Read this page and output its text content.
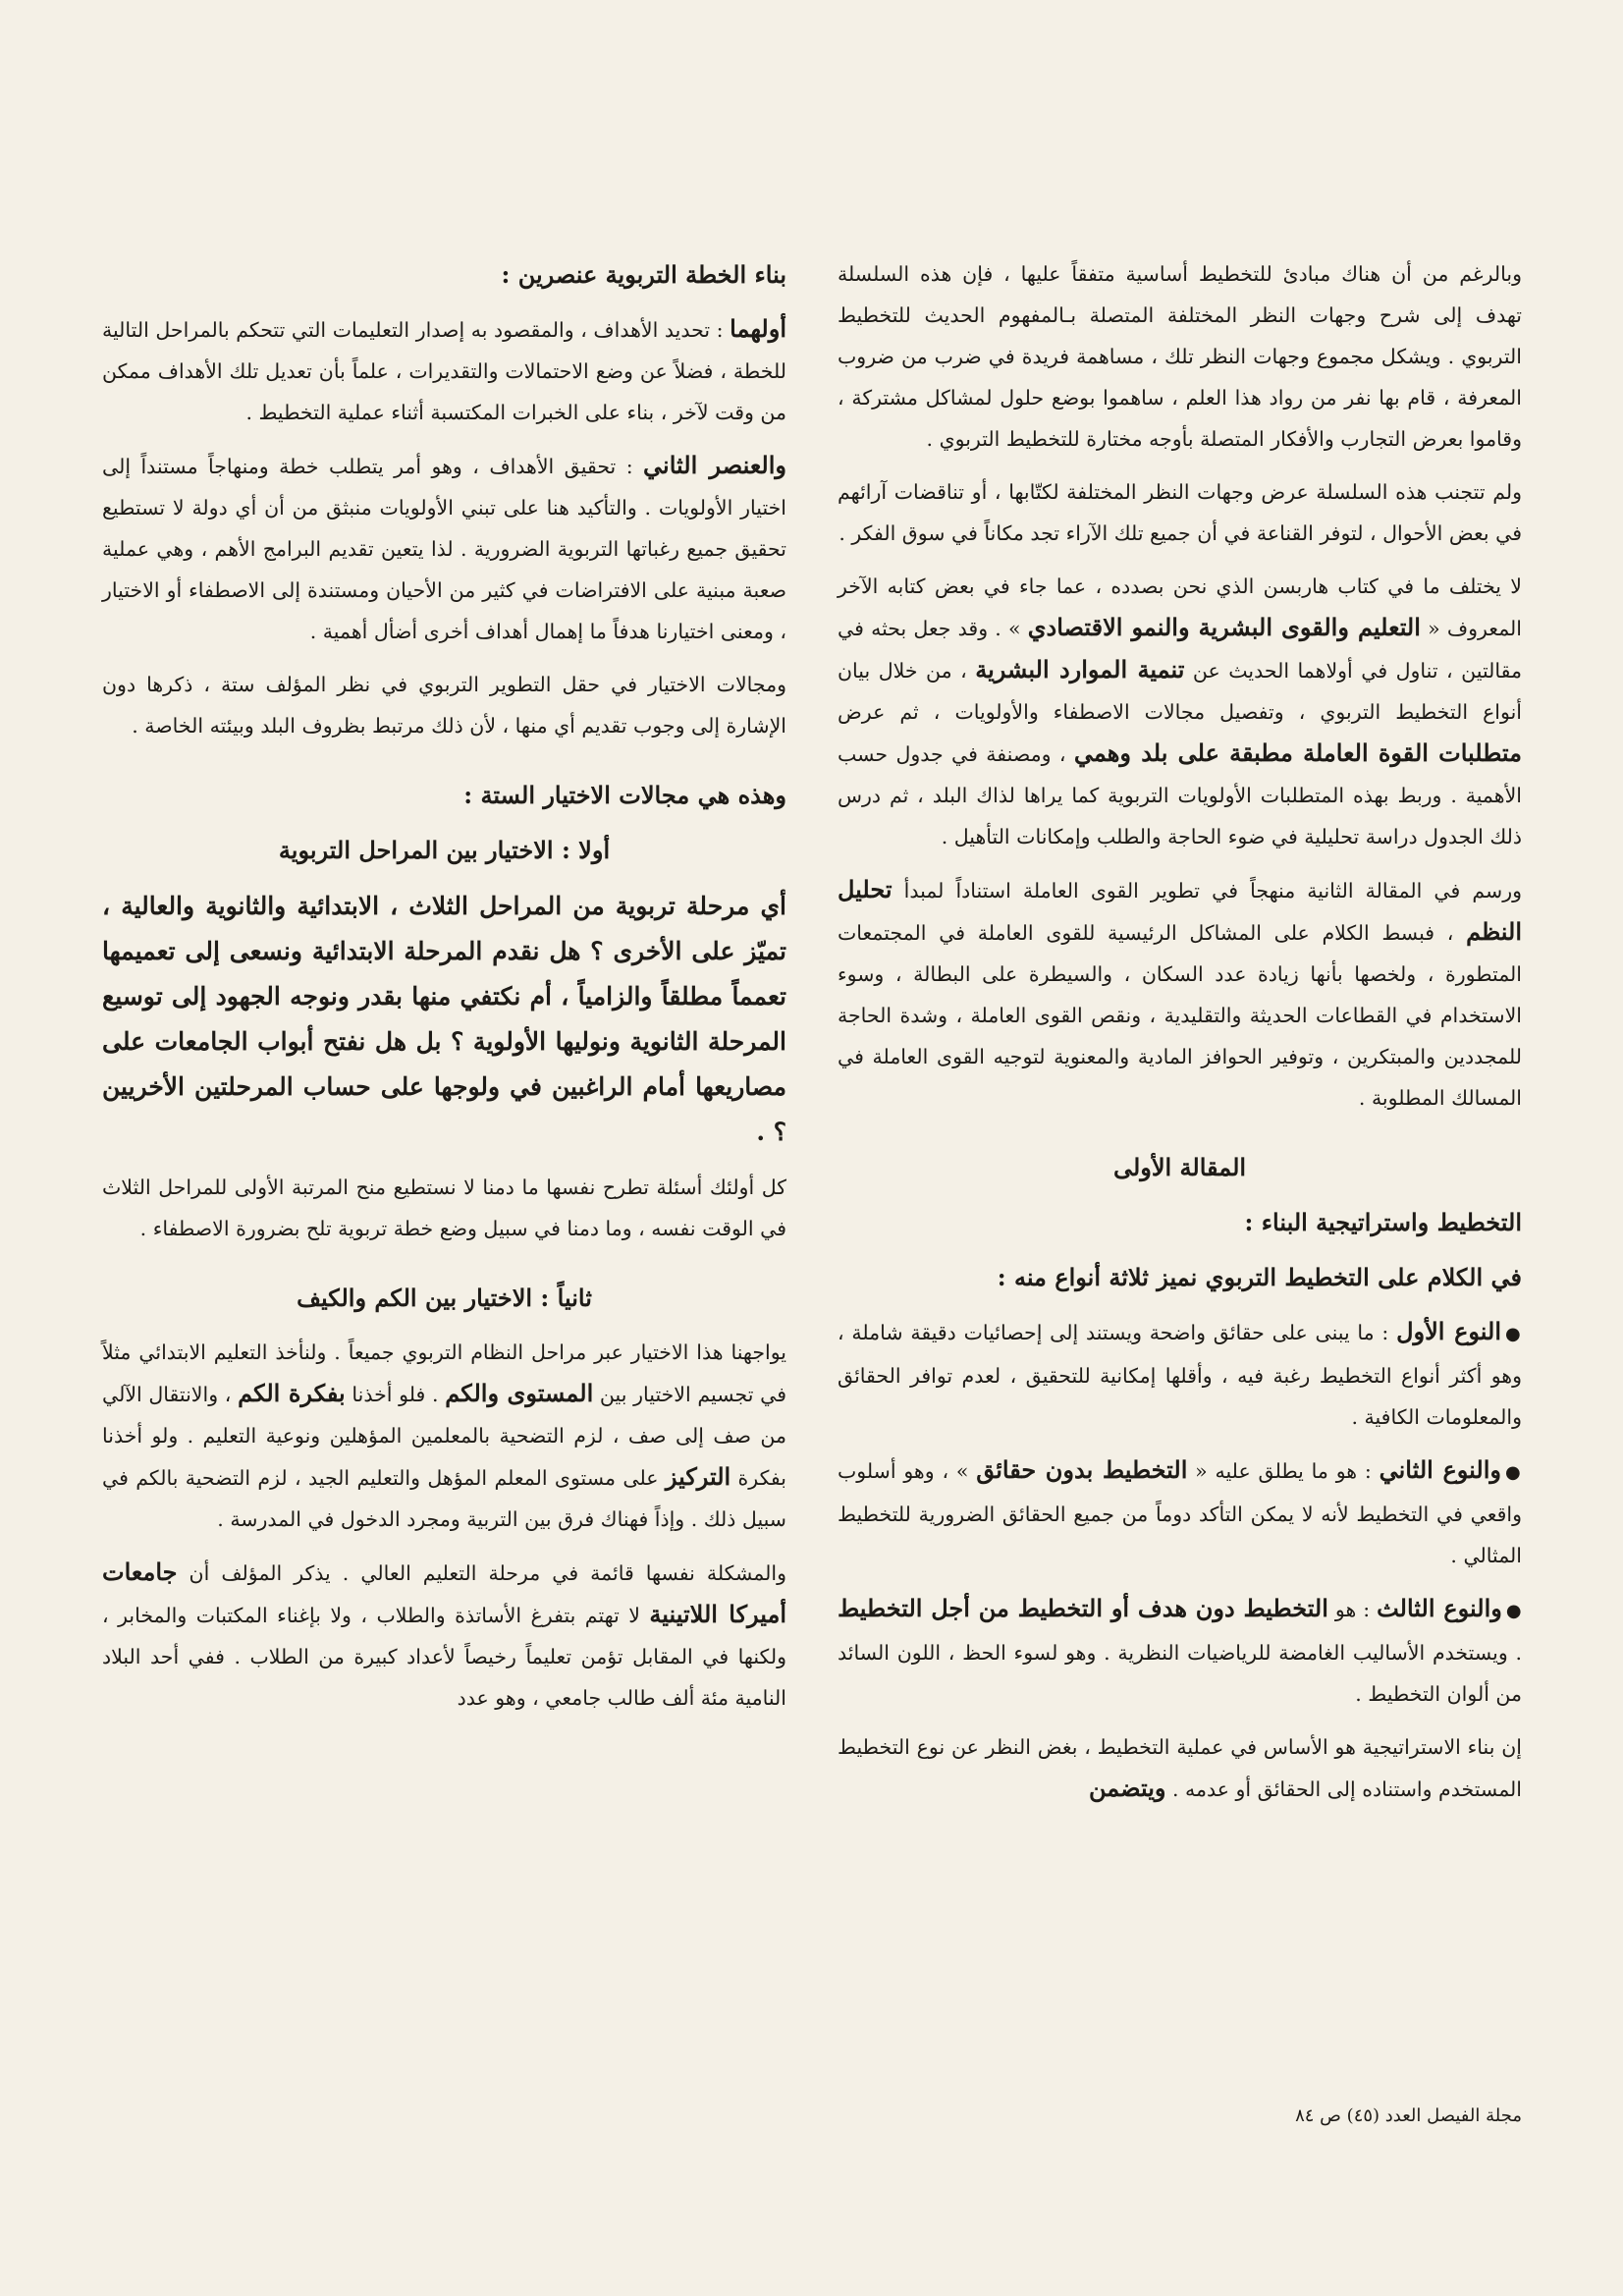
وبالرغم من أن هناك مبادئ للتخطيط أساسية متفقاً عليها ، فإن هذه السلسلة تهدف إلى شرح وجهات النظر المختلفة المتصلة بـالمفهوم الحديث للتخطيط التربوي . ويشكل مجموع وجهات النظر تلك ، مساهمة فريدة في ضرب من ضروب المعرفة ، قام بها نفر من رواد هذا العلم ، ساهموا بوضع حلول لمشاكل مشتركة ، وقاموا بعرض التجارب والأفكار المتصلة بأوجه مختارة للتخطيط التربوي .

ولم تتجنب هذه السلسلة عرض وجهات النظر المختلفة لكتّابها ، أو تناقضات آرائهم في بعض الأحوال ، لتوفر القناعة في أن جميع تلك الآراء تجد مكاناً في سوق الفكر .

لا يختلف ما في كتاب هاربسن الذي نحن بصدده ، عما جاء في بعض كتابه الآخر المعروف « التعليم والقوى البشرية والنمو الاقتصادي » . وقد جعل بحثه في مقالتين ، تناول في أولاهما الحديث عن تنمية الموارد البشرية ، من خلال بيان أنواع التخطيط التربوي ، وتفصيل مجالات الاصطفاء والأولويات ، ثم عرض متطلبات القوة العاملة مطبقة على بلد وهمي ، ومصنفة في جدول حسب الأهمية . وربط بهذه المتطلبات الأولويات التربوية كما يراها لذاك البلد ، ثم درس ذلك الجدول دراسة تحليلية في ضوء الحاجة والطلب وإمكانات التأهيل .

ورسم في المقالة الثانية منهجاً في تطوير القوى العاملة استناداً لمبدأ تحليل النظم ، فبسط الكلام على المشاكل الرئيسية للقوى العاملة في المجتمعات المتطورة ، ولخصها بأنها زيادة عدد السكان ، والسيطرة على البطالة ، وسوء الاستخدام في القطاعات الحديثة والتقليدية ، ونقص القوى العاملة ، وشدة الحاجة للمجددين والمبتكرين ، وتوفير الحوافز المادية والمعنوية لتوجيه القوى العاملة في المسالك المطلوبة .

المقالة الأولى
التخطيط واستراتيجية البناء :

في الكلام على التخطيط التربوي نميز ثلاثة أنواع منه :

●النوع الأول : ما يبنى على حقائق واضحة ويستند إلى إحصائيات دقيقة شاملة ، وهو أكثر أنواع التخطيط رغبة فيه ، وأقلها إمكانية للتحقيق ، لعدم توافر الحقائق والمعلومات الكافية .

●والنوع الثاني : هو ما يطلق عليه « التخطيط بدون حقائق » ، وهو أسلوب واقعي في التخطيط لأنه لا يمكن التأكد دوماً من جميع الحقائق الضرورية للتخطيط المثالي .

●والنوع الثالث : هو التخطيط دون هدف أو التخطيط من أجل التخطيط . ويستخدم الأساليب الغامضة للرياضيات النظرية . وهو لسوء الحظ ، اللون السائد من ألوان التخطيط .

إن بناء الاستراتيجية هو الأساس في عملية التخطيط ، بغض النظر عن نوع التخطيط المستخدم واستناده إلى الحقائق أو عدمه . ويتضمن

بناء الخطة التربوية عنصرين :

أولهما : تحديد الأهداف ، والمقصود به إصدار التعليمات التي تتحكم بالمراحل التالية للخطة ، فضلاً عن وضع الاحتمالات والتقديرات ، علماً بأن تعديل تلك الأهداف ممكن من وقت لآخر ، بناء على الخبرات المكتسبة أثناء عملية التخطيط .

والعنصر الثاني : تحقيق الأهداف ، وهو أمر يتطلب خطة ومنهاجاً مستنداً إلى اختيار الأولويات . والتأكيد هنا على تبني الأولويات منبثق من أن أي دولة لا تستطيع تحقيق جميع رغباتها التربوية الضرورية . لذا يتعين تقديم البرامج الأهم ، وهي عملية صعبة مبنية على الافتراضات في كثير من الأحيان ومستندة إلى الاصطفاء أو الاختيار ، ومعنى اختيارنا هدفاً ما إهمال أهداف أخرى أضأل أهمية .

ومجالات الاختيار في حقل التطوير التربوي في نظر المؤلف ستة ، ذكرها دون الإشارة إلى وجوب تقديم أي منها ، لأن ذلك مرتبط بظروف البلد وبيئته الخاصة .

وهذه هي مجالات الاختيار الستة :
أولا : الاختيار بين المراحل التربوية

أي مرحلة تربوية من المراحل الثلاث ، الابتدائية والثانوية والعالية ، تميّز على الأخرى ؟ هل نقدم المرحلة الابتدائية ونسعى إلى تعميمها تعمماً مطلقاً والزامياً ، أم نكتفي منها بقدر ونوجه الجهود إلى توسيع المرحلة الثانوية ونوليها الأولوية ؟ بل هل نفتح أبواب الجامعات على مصاريعها أمام الراغبين في ولوجها على حساب المرحلتين الأخريين ؟ .

كل أولئك أسئلة تطرح نفسها ما دمنا لا نستطيع منح المرتبة الأولى للمراحل الثلاث في الوقت نفسه ، وما دمنا في سبيل وضع خطة تربوية تلح بضرورة الاصطفاء .

ثانياً : الاختيار بين الكم والكيف

يواجهنا هذا الاختيار عبر مراحل النظام التربوي جميعاً . ولنأخذ التعليم الابتدائي مثلاً في تجسيم الاختيار بين المستوى والكم . فلو أخذنا بفكرة الكم ، والانتقال الآلي من صف إلى صف ، لزم التضحية بالمعلمين المؤهلين ونوعية التعليم . ولو أخذنا بفكرة التركيز على مستوى المعلم المؤهل والتعليم الجيد ، لزم التضحية بالكم في سبيل ذلك . وإذاً فهناك فرق بين التربية ومجرد الدخول في المدرسة .

والمشكلة نفسها قائمة في مرحلة التعليم العالي . يذكر المؤلف أن جامعات أميركا اللاتينية لا تهتم بتفرغ الأساتذة والطلاب ، ولا بإغناء المكتبات والمخابر ، ولكنها في المقابل تؤمن تعليماً رخيصاً لأعداد كبيرة من الطلاب . ففي أحد البلاد النامية مئة ألف طالب جامعي ، وهو عدد

مجلة الفيصل العدد (٤٥) ص ٨٤
